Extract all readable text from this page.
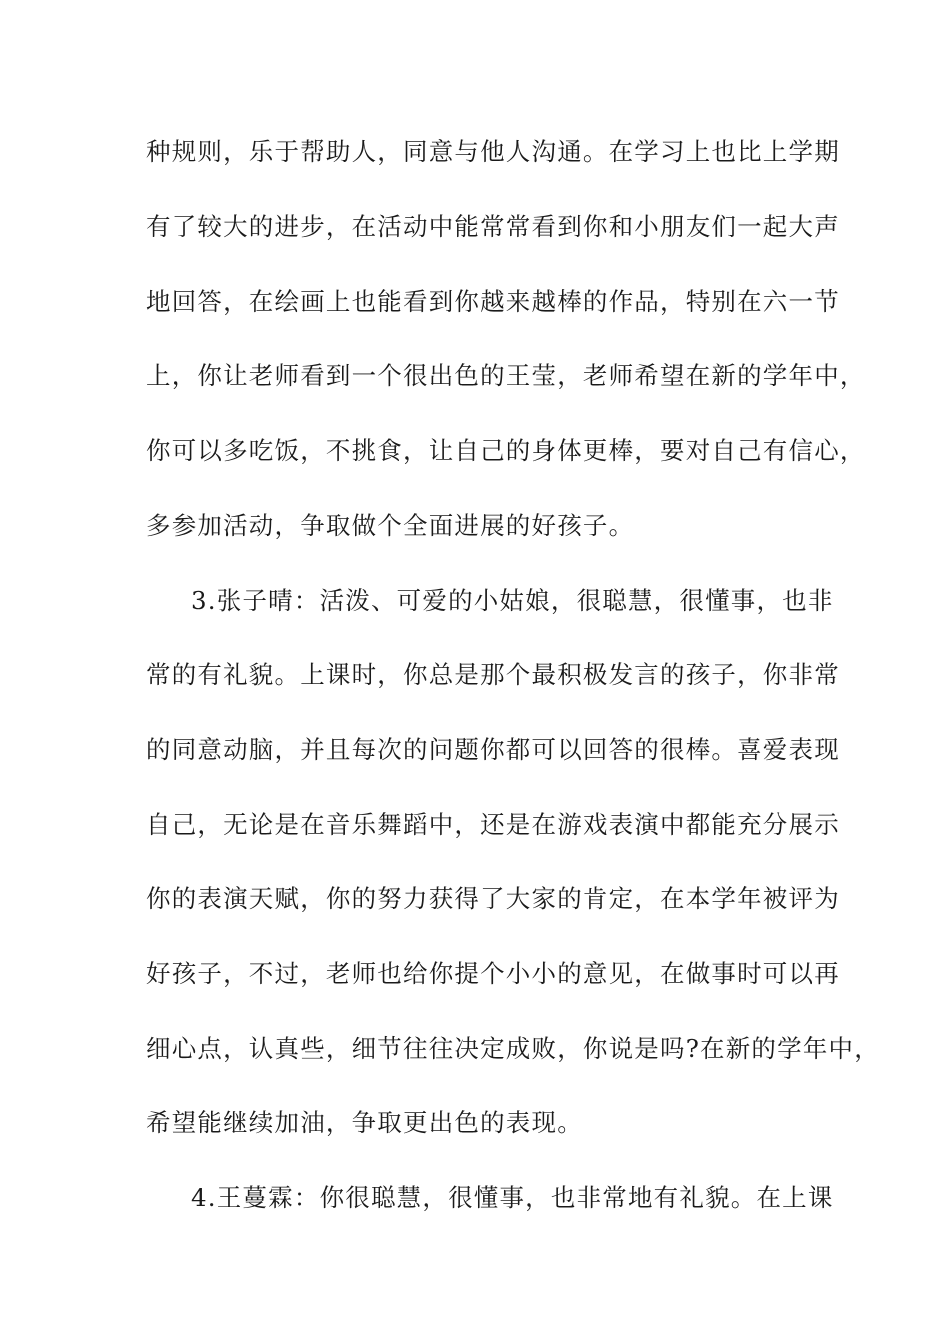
种规则，乐于帮助人，同意与他人沟通。在学习上也比上学期
有了较大的进步，在活动中能常常看到你和小朋友们一起大声
地回答，在绘画上也能看到你越来越棒的作品，特别在六一节
上，你让老师看到一个很出色的王莹，老师希望在新的学年中，
你可以多吃饭，不挑食，让自己的身体更棒，要对自己有信心，
多参加活动，争取做个全面进展的好孩子。
3.张子晴：活泼、可爱的小姑娘，很聪慧，很懂事，也非
常的有礼貌。上课时，你总是那个最积极发言的孩子，你非常
的同意动脑，并且每次的问题你都可以回答的很棒。喜爱表现
自己，无论是在音乐舞蹈中，还是在游戏表演中都能充分展示
你的表演天赋，你的努力获得了大家的肯定，在本学年被评为
好孩子，不过，老师也给你提个小小的意见，在做事时可以再
细心点，认真些，细节往往决定成败，你说是吗?在新的学年中，
希望能继续加油，争取更出色的表现。
4.王蔓霖：你很聪慧，很懂事，也非常地有礼貌。在上课
